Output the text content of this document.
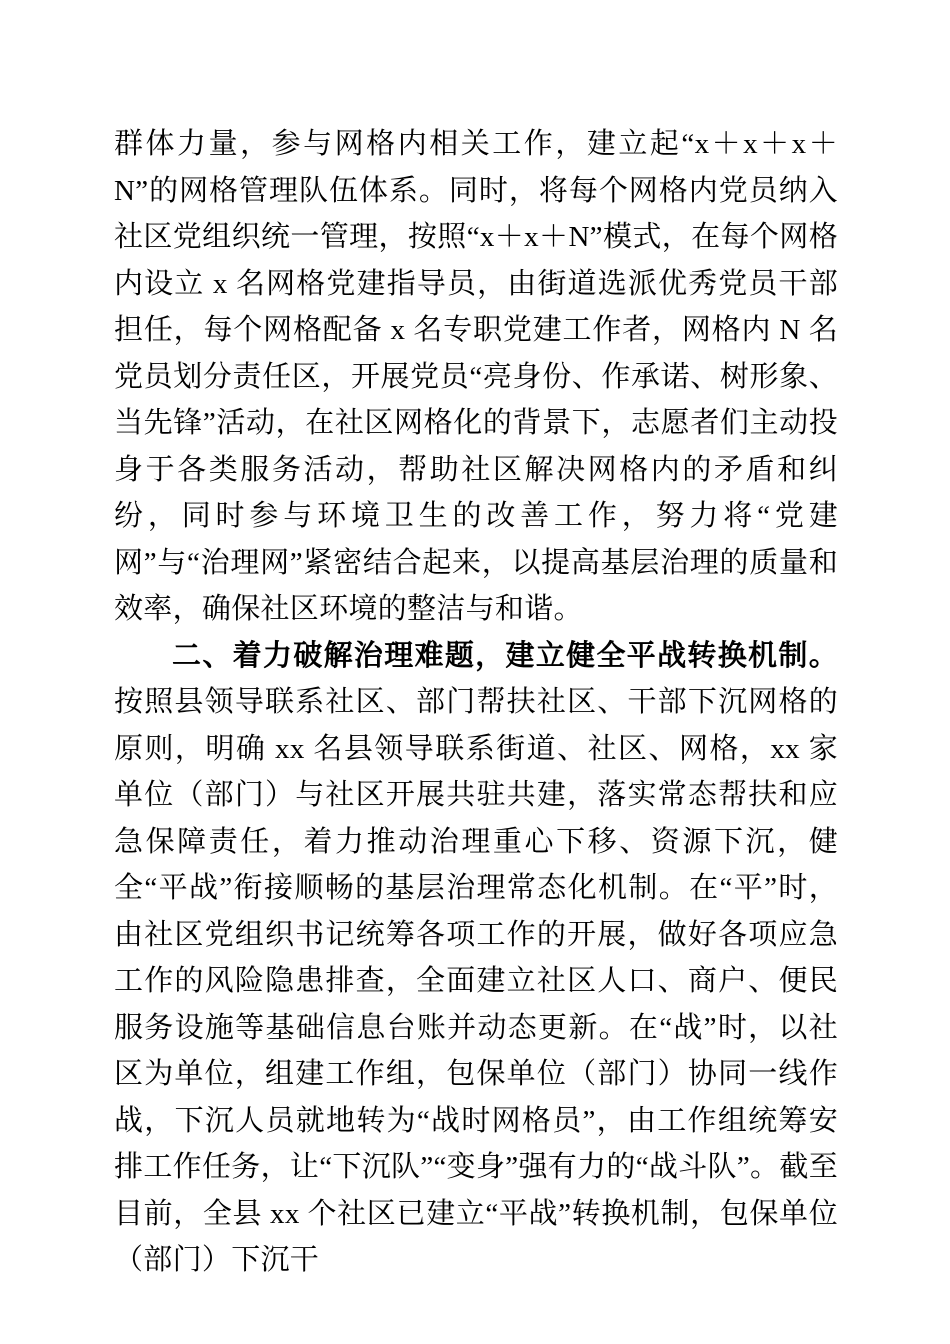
群体力量，参与网格内相关工作，建立起“x＋x＋x＋N”的网格管理队伍体系。同时，将每个网格内党员纳入社区党组织统一管理，按照“x＋x＋N”模式，在每个网格内设立 x 名网格党建指导员，由街道选派优秀党员干部担任，每个网格配备 x 名专职党建工作者，网格内 N 名党员划分责任区，开展党员“亮身份、作承诺、树形象、当先锋”活动，在社区网格化的背景下，志愿者们主动投身于各类服务活动，帮助社区解决网格内的矛盾和纠纷，同时参与环境卫生的改善工作，努力将“党建网”与“治理网”紧密结合起来，以提高基层治理的质量和效率，确保社区环境的整洁与和谐。

二、着力破解治理难题，建立健全平战转换机制。按照县领导联系社区、部门帮扶社区、干部下沉网格的原则，明确 xx 名县领导联系街道、社区、网格，xx 家单位（部门）与社区开展共驻共建，落实常态帮扶和应急保障责任，着力推动治理重心下移、资源下沉，健全“平战”衔接顺畅的基层治理常态化机制。在“平”时，由社区党组织书记统筹各项工作的开展，做好各项应急工作的风险隐患排查，全面建立社区人口、商户、便民服务设施等基础信息台账并动态更新。在“战”时，以社区为单位，组建工作组，包保单位（部门）协同一线作战，下沉人员就地转为“战时网格员”，由工作组统筹安排工作任务，让“下沉队”“变身”强有力的“战斗队”。截至目前，全县 xx 个社区已建立“平战”转换机制，包保单位（部门）下沉干
